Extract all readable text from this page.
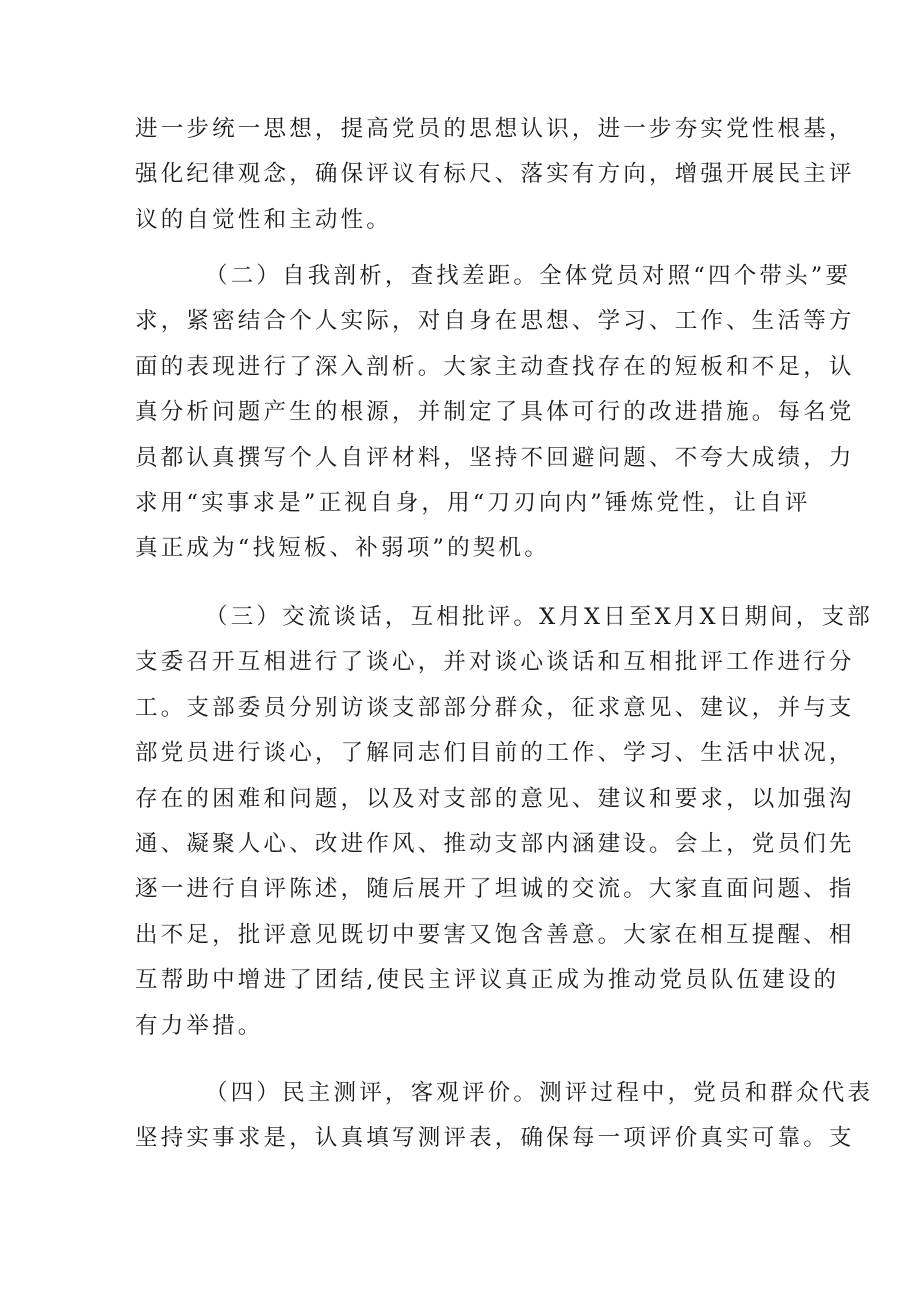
进一步统一思想，提高党员的思想认识，进一步夯实党性根基，
强化纪律观念，确保评议有标尺、落实有方向，增强开展民主评
议的自觉性和主动性。
（二）自我剖析，查找差距。全体党员对照“四个带头”要
求，紧密结合个人实际，对自身在思想、学习、工作、生活等方
面的表现进行了深入剖析。大家主动查找存在的短板和不足，认
真分析问题产生的根源，并制定了具体可行的改进措施。每名党
员都认真撰写个人自评材料，坚持不回避问题、不夸大成绩，力
求用“实事求是”正视自身，用“刀刃向内”锤炼党性，让自评
真正成为“找短板、补弱项”的契机。
（三）交流谈话，互相批评。X月X日至X月X日期间，支部
支委召开互相进行了谈心，并对谈心谈话和互相批评工作进行分
工。支部委员分别访谈支部部分群众，征求意见、建议，并与支
部党员进行谈心，了解同志们目前的工作、学习、生活中状况，
存在的困难和问题，以及对支部的意见、建议和要求，以加强沟
通、凝聚人心、改进作风、推动支部内涵建设。会上，党员们先
逐一进行自评陈述，随后展开了坦诚的交流。大家直面问题、指
出不足，批评意见既切中要害又饱含善意。大家在相互提醒、相
互帮助中增进了团结,使民主评议真正成为推动党员队伍建设的
有力举措。
（四）民主测评，客观评价。测评过程中，党员和群众代表
坚持实事求是，认真填写测评表，确保每一项评价真实可靠。支
